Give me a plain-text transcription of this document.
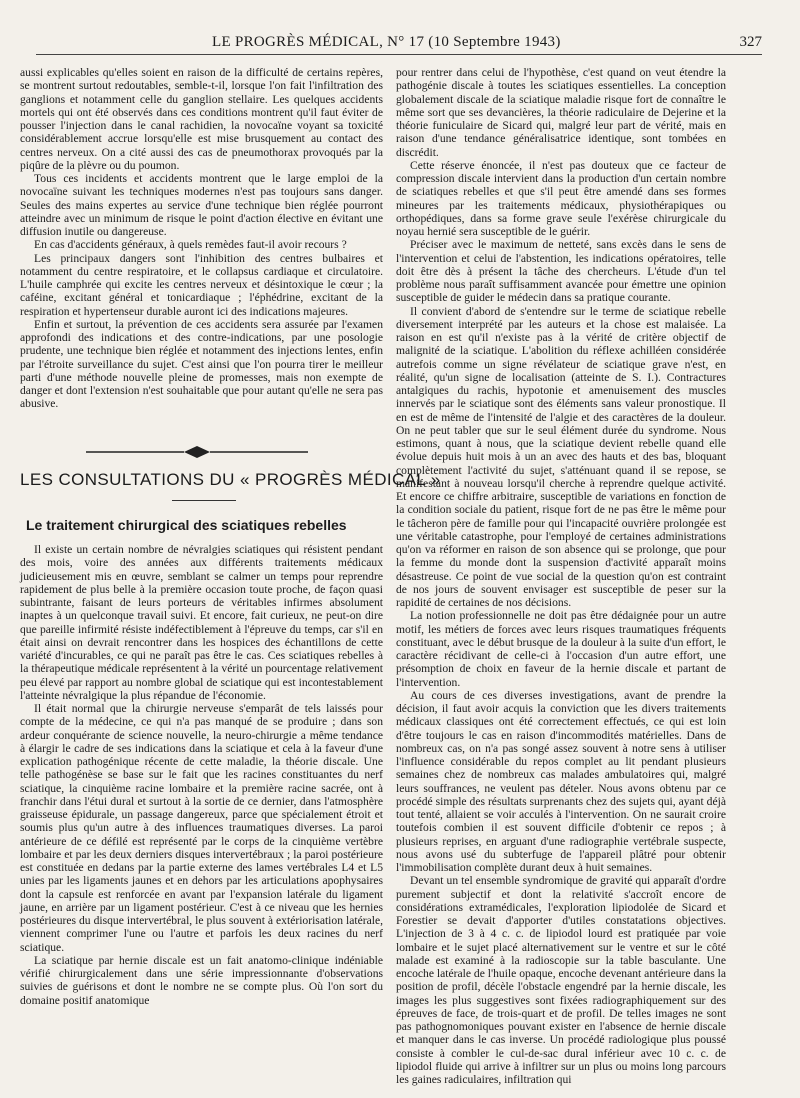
LE PROGRÈS MÉDICAL, N° 17 (10 Septembre 1943)	327

aussi explicables qu'elles soient en raison de la difficulté de certains repères, se montrent surtout redoutables, semble-t-il, lorsque l'on fait l'infiltration des ganglions et notamment celle du ganglion stellaire. Les quelques accidents mortels qui ont été observés dans ces conditions montrent qu'il faut éviter de pousser l'injection dans le canal rachidien, la novocaïne voyant sa toxicité considérablement accrue lorsqu'elle est mise brusquement au contact des centres nerveux. On a cité aussi des cas de pneumothorax provoqués par la piqûre de la plèvre ou du poumon.

Tous ces incidents et accidents montrent que le large emploi de la novocaïne suivant les techniques modernes n'est pas toujours sans danger. Seules des mains expertes au service d'une technique bien réglée pourront atteindre avec un minimum de risque le point d'action élective en évitant une diffusion inutile ou dangereuse.

En cas d'accidents généraux, à quels remèdes faut-il avoir recours ?

Les principaux dangers sont l'inhibition des centres bulbaires et notamment du centre respiratoire, et le collapsus cardiaque et circulatoire. L'huile camphrée qui excite les centres nerveux et désintoxique le cœur ; la caféine, excitant général et tonicardiaque ; l'éphédrine, excitant de la respiration et hypertenseur durable auront ici des indications majeures.

Enfin et surtout, la prévention de ces accidents sera assurée par l'examen approfondi des indications et des contre-indications, par une posologie prudente, une technique bien réglée et notamment des injections lentes, enfin par l'étroite surveillance du sujet. C'est ainsi que l'on pourra tirer le meilleur parti d'une méthode nouvelle pleine de promesses, mais non exempte de danger et dont l'extension n'est souhaitable que pour autant qu'elle ne sera pas abusive.

LES CONSULTATIONS DU « PROGRÈS MÉDICAL »
Le traitement chirurgical des sciatiques rebelles

Il existe un certain nombre de névralgies sciatiques qui résistent pendant des mois, voire des années aux différents traitements médicaux judicieusement mis en œuvre, semblant se calmer un temps pour reprendre rapidement de plus belle à la première occasion toute proche, de façon quasi subintrante, faisant de leurs porteurs de véritables infirmes absolument inaptes à un quelconque travail suivi. Et encore, fait curieux, ne peut-on dire que pareille infirmité résiste indéfectiblement à l'épreuve du temps, car s'il en était ainsi on devrait rencontrer dans les hospices des échantillons de cette variété d'incurables, ce qui ne paraît pas être le cas. Ces sciatiques rebelles à la thérapeutique médicale représentent à la vérité un pourcentage relativement peu élevé par rapport au nombre global de sciatique qui est incontestablement l'atteinte névralgique la plus répandue de l'économie.

Il était normal que la chirurgie nerveuse s'emparât de tels laissés pour compte de la médecine, ce qui n'a pas manqué de se produire ; dans son ardeur conquérante de science nouvelle, la neuro-chirurgie a même tendance à élargir le cadre de ses indications dans la sciatique et cela à la faveur d'une explication pathogénique récente de cette maladie, la théorie discale. Une telle pathogénèse se base sur le fait que les racines constituantes du nerf sciatique, la cinquième racine lombaire et la première racine sacrée, ont à franchir dans l'étui dural et surtout à la sortie de ce dernier, dans l'atmosphère graisseuse épidurale, un passage dangereux, parce que spécialement étroit et soumis plus qu'un autre à des influences traumatiques diverses. La paroi antérieure de ce défilé est représenté par le corps de la cinquième vertèbre lombaire et par les deux derniers disques intervertébraux ; la paroi postérieure est constituée en dedans par la partie externe des lames vertébrales L4 et L5 unies par les ligaments jaunes et en dehors par les articulations apophysaires dont la capsule est renforcée en avant par l'expansion latérale du ligament jaune, en arrière par un ligament postérieur. C'est à ce niveau que les hernies postérieures du disque intervertébral, le plus souvent à extériorisation latérale, viennent comprimer l'une ou l'autre et parfois les deux racines du nerf sciatique.

La sciatique par hernie discale est un fait anatomo-clinique indéniable vérifié chirurgicalement dans une série impressionnante d'observations suivies de guérisons et dont le nombre ne se compte plus. Où l'on sort du domaine positif anatomique

pour rentrer dans celui de l'hypothèse, c'est quand on veut étendre la pathogénie discale à toutes les sciatiques essentielles. La conception globalement discale de la sciatique maladie risque fort de connaître le même sort que ses devancières, la théorie radiculaire de Dejerine et la théorie funiculaire de Sicard qui, malgré leur part de vérité, mais en raison d'une tendance généralisatrice identique, sont tombées en discrédit.

Cette réserve énoncée, il n'est pas douteux que ce facteur de compression discale intervient dans la production d'un certain nombre de sciatiques rebelles et que s'il peut être amendé dans ses formes mineures par les traitements médicaux, physiothérapiques ou orthopédiques, dans sa forme grave seule l'exérèse chirurgicale du noyau hernié sera susceptible de le guérir.

Préciser avec le maximum de netteté, sans excès dans le sens de l'intervention et celui de l'abstention, les indications opératoires, telle doit être dès à présent la tâche des chercheurs. L'étude d'un tel problème nous paraît suffisamment avancée pour émettre une opinion susceptible de guider le médecin dans sa pratique courante.

Il convient d'abord de s'entendre sur le terme de sciatique rebelle diversement interprété par les auteurs et la chose est malaisée. La raison en est qu'il n'existe pas à la vérité de critère objectif de malignité de la sciatique. L'abolition du réflexe achilléen considérée autrefois comme un signe révélateur de sciatique grave n'est, en réalité, qu'un signe de localisation (atteinte de S. I.). Contractures antalgiques du rachis, hypotonie et amenuisement des muscles innervés par le sciatique sont des éléments sans valeur pronostique. Il en est de même de l'intensité de l'algie et des caractères de la douleur. On ne peut tabler que sur le seul élément durée du syndrome. Nous estimons, quant à nous, que la sciatique devient rebelle quand elle évolue depuis huit mois à un an avec des hauts et des bas, bloquant complètement l'activité du sujet, s'atténuant quand il se repose, se manifestant à nouveau lorsqu'il cherche à reprendre quelque activité. Et encore ce chiffre arbitraire, susceptible de variations en fonction de la condition sociale du patient, risque fort de ne pas être le même pour le tâcheron père de famille pour qui l'incapacité ouvrière prolongée est une véritable catastrophe, pour l'employé de certaines administrations qu'on va réformer en raison de son absence qui se prolonge, que pour la femme du monde dont la suspension d'activité apparaît moins désastreuse. Ce point de vue social de la question qu'on est contraint de nos jours de souvent envisager est susceptible de peser sur la rapidité de certaines de nos décisions.

La notion professionnelle ne doit pas être dédaignée pour un autre motif, les métiers de forces avec leurs risques traumatiques fréquents constituant, avec le début brusque de la douleur à la suite d'un effort, le caractère récidivant de celle-ci à l'occasion d'un autre effort, une présomption de choix en faveur de la hernie discale et partant de l'intervention.

Au cours de ces diverses investigations, avant de prendre la décision, il faut avoir acquis la conviction que les divers traitements médicaux classiques ont été correctement effectués, ce qui est loin d'être toujours le cas en raison d'incommodités matérielles. Dans de nombreux cas, on n'a pas songé assez souvent à notre sens à utiliser l'influence considérable du repos complet au lit pendant plusieurs semaines chez de nombreux cas malades ambulatoires qui, malgré leurs souffrances, ne veulent pas dételer. Nous avons obtenu par ce procédé simple des résultats surprenants chez des sujets qui, ayant déjà tout tenté, allaient se voir acculés à l'intervention. On ne saurait croire toutefois combien il est souvent difficile d'obtenir ce repos ; à plusieurs reprises, en arguant d'une radiographie vertébrale suspecte, nous avons usé du subterfuge de l'appareil plâtré pour obtenir l'immobilisation complète durant deux à huit semaines.

Devant un tel ensemble syndromique de gravité qui apparaît d'ordre purement subjectif et dont la relativité s'accroît encore de considérations extramédicales, l'exploration lipiodolée de Sicard et Forestier se devait d'apporter d'utiles constatations objectives. L'injection de 3 à 4 c. c. de lipiodol lourd est pratiquée par voie lombaire et le sujet placé alternativement sur le ventre et sur le côté malade est examiné à la radioscopie sur la table basculante. Une encoche latérale de l'huile opaque, encoche devenant antérieure dans la position de profil, décèle l'obstacle engendré par la hernie discale, les images les plus suggestives sont fixées radiographiquement sur des épreuves de face, de trois-quart et de profil. De telles images ne sont pas pathognomoniques pouvant exister en l'absence de hernie discale et manquer dans le cas inverse. Un procédé radiologique plus poussé consiste à combler le cul-de-sac dural inférieur avec 10 c. c. de lipiodol fluide qui arrive à infiltrer sur un plus ou moins long parcours les gaines radiculaires, infiltration qui
